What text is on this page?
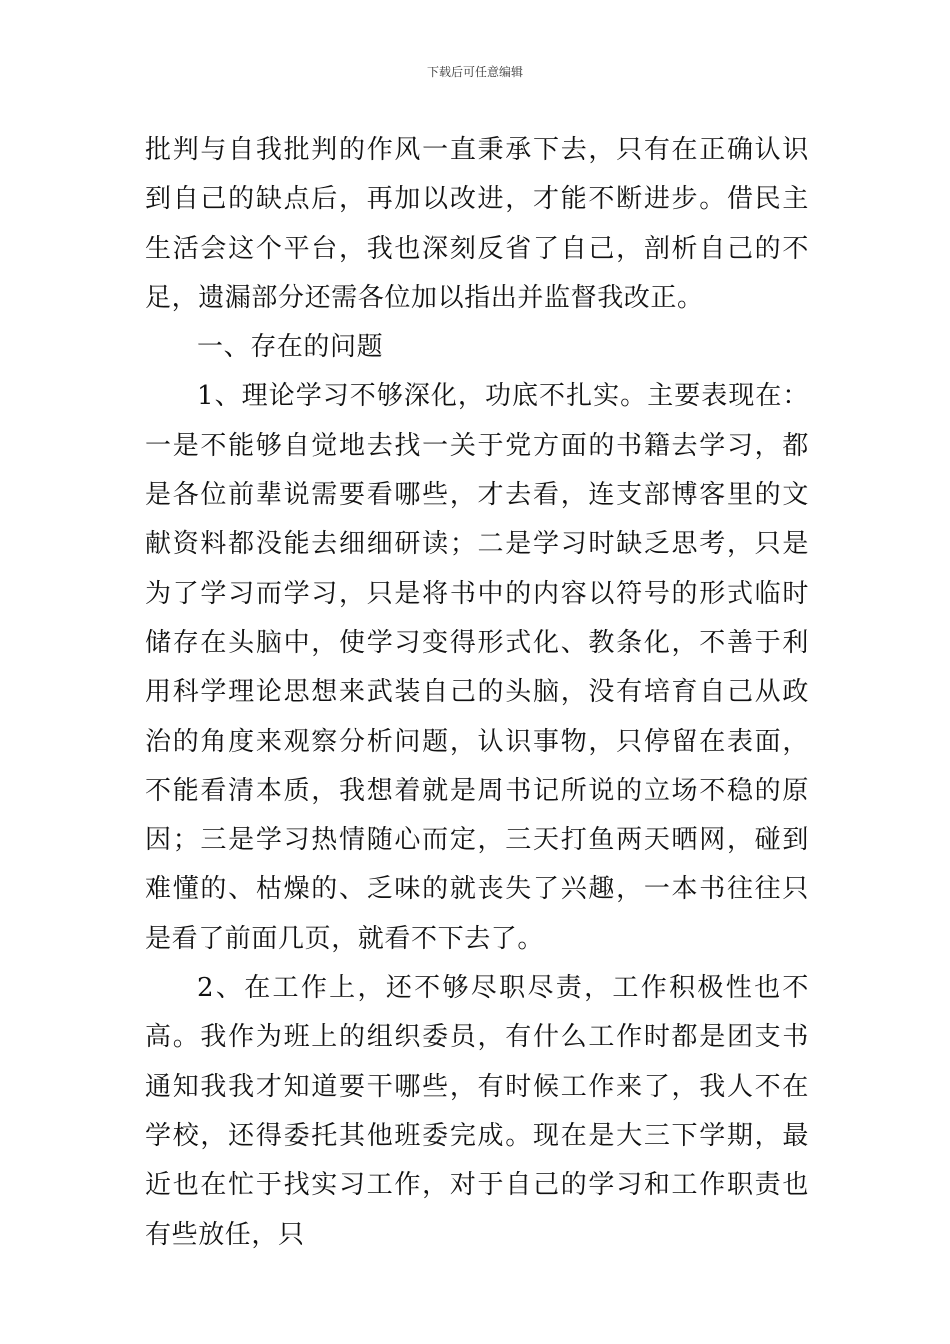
下载后可任意编辑

批判与自我批判的作风一直秉承下去，只有在正确认识到自己的缺点后，再加以改进，才能不断进步。借民主生活会这个平台，我也深刻反省了自己，剖析自己的不足，遗漏部分还需各位加以指出并监督我改正。

一、存在的问题

1、理论学习不够深化，功底不扎实。主要表现在：一是不能够自觉地去找一关于党方面的书籍去学习，都是各位前辈说需要看哪些，才去看，连支部博客里的文献资料都没能去细细研读；二是学习时缺乏思考，只是为了学习而学习，只是将书中的内容以符号的形式临时储存在头脑中，使学习变得形式化、教条化，不善于利用科学理论思想来武装自己的头脑，没有培育自己从政治的角度来观察分析问题，认识事物，只停留在表面，不能看清本质，我想着就是周书记所说的立场不稳的原因；三是学习热情随心而定，三天打鱼两天晒网，碰到难懂的、枯燥的、乏味的就丧失了兴趣，一本书往往只是看了前面几页，就看不下去了。

2、在工作上，还不够尽职尽责，工作积极性也不高。我作为班上的组织委员，有什么工作时都是团支书通知我我才知道要干哪些，有时候工作来了，我人不在学校，还得委托其他班委完成。现在是大三下学期，最近也在忙于找实习工作，对于自己的学习和工作职责也有些放任，只
